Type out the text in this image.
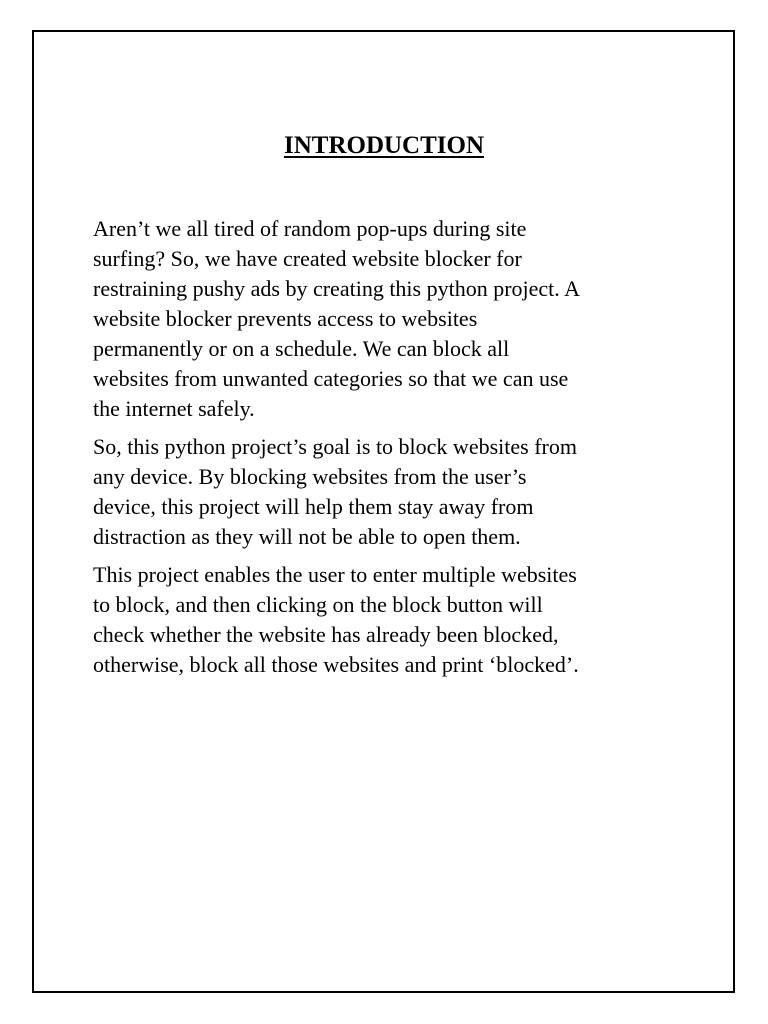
INTRODUCTION

Aren’t we all tired of random pop-ups during site
surfing? So, we have created website blocker for
restraining pushy ads by creating this python project. A
website blocker prevents access to websites
permanently or on a schedule. We can block all
websites from unwanted categories so that we can use
the internet safely.

So, this python project’s goal is to block websites from
any device. By blocking websites from the user’s
device, this project will help them stay away from
distraction as they will not be able to open them.

This project enables the user to enter multiple websites
to block, and then clicking on the block button will
check whether the website has already been blocked,
otherwise, block all those websites and print ‘blocked’.
